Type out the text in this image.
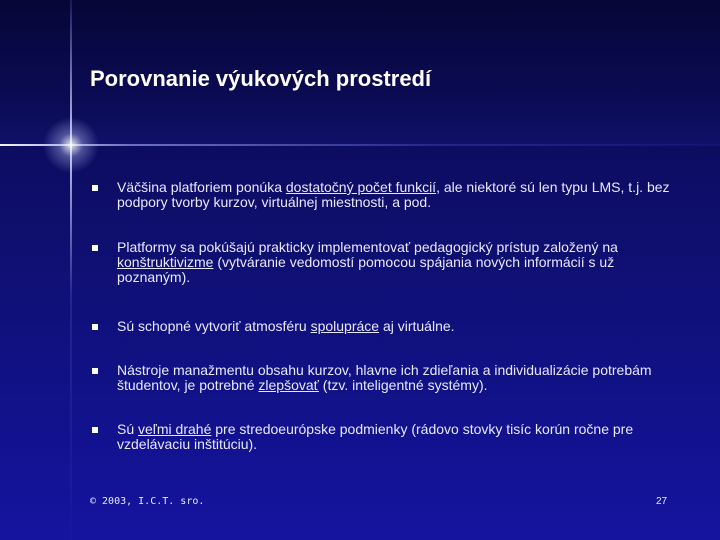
Porovnanie výukových prostredí
Väčšina platforiem ponúka dostatočný počet funkcií, ale niektoré sú len typu LMS, t.j. bez podpory tvorby kurzov, virtuálnej miestnosti, a pod.
Platformy sa pokúšajú prakticky implementovať pedagogický prístup založený na konštruktivizme (vytváranie vedomostí pomocou spájania nových informácií s už poznaným).
Sú schopné vytvoriť atmosféru spolupráce aj virtuálne.
Nástroje manažmentu obsahu kurzov, hlavne ich zdieľania a individualizácie potrebám študentov, je potrebné zlepšovať (tzv. inteligentné systémy).
Sú veľmi drahé pre stredoeurópske podmienky (rádovo stovky tisíc korún ročne pre vzdelávaciu inštitúciu).
© 2003, I.C.T. sro.	27
